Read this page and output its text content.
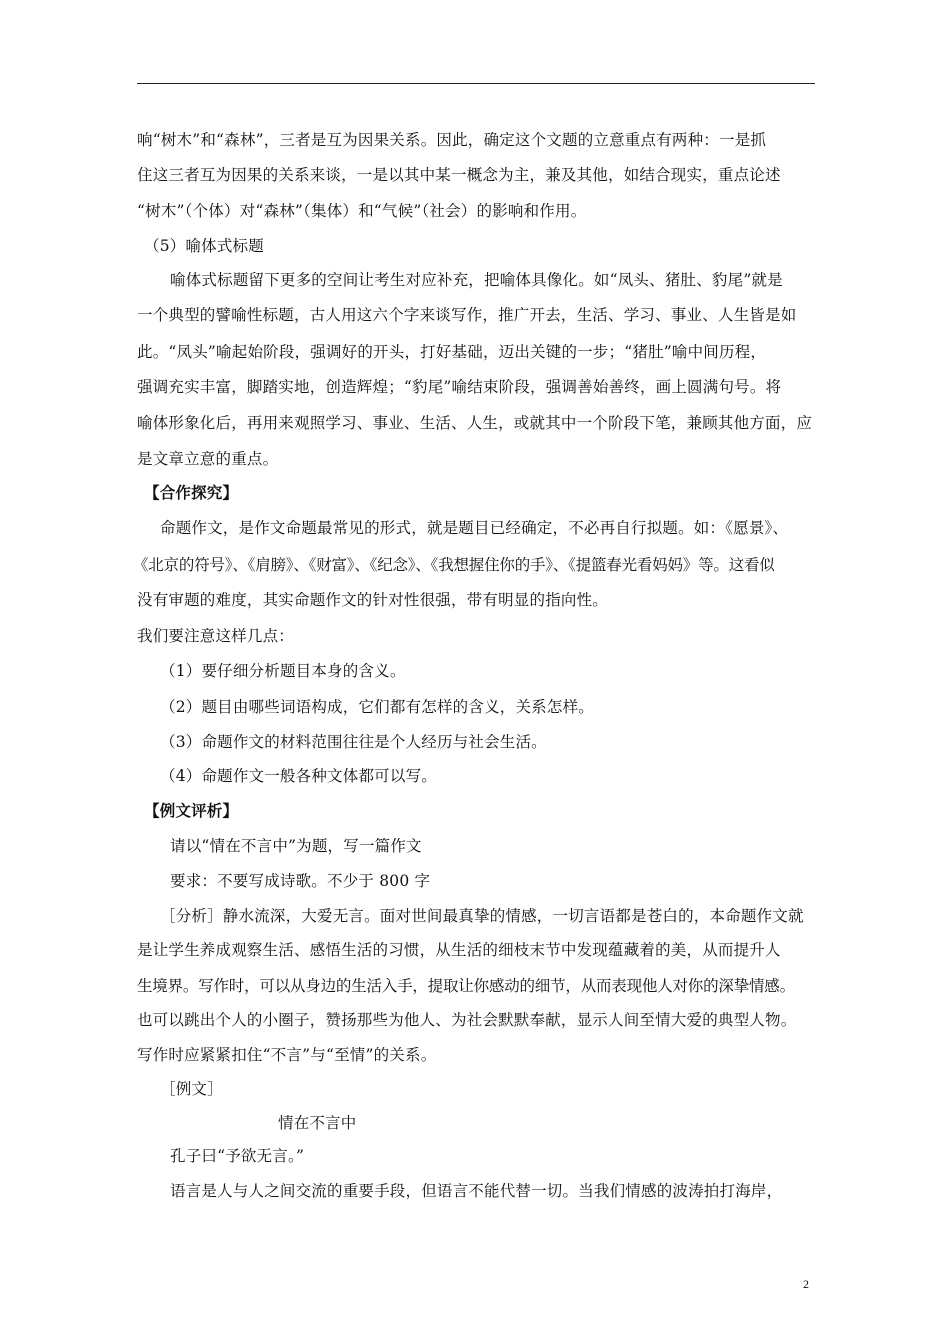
响“树木”和“森林”，三者是互为因果关系。因此，确定这个文题的立意重点有两种：一是抓
住这三者互为因果的关系来谈，一是以其中某一概念为主，兼及其他，如结合现实，重点论述
“树木”（个体）对“森林”（集体）和“气候”（社会）的影响和作用。
（5）喻体式标题
喻体式标题留下更多的空间让考生对应补充，把喻体具像化。如“凤头、猪肚、豹尾”就是
一个典型的譬喻性标题，古人用这六个字来谈写作，推广开去，生活、学习、事业、人生皆是如
此。“凤头”喻起始阶段，强调好的开头，打好基础，迈出关键的一步；“猪肚”喻中间历程，
强调充实丰富，脚踏实地，创造辉煌；“豹尾”喻结束阶段，强调善始善终，画上圆满句号。将
喻体形象化后，再用来观照学习、事业、生活、人生，或就其中一个阶段下笔，兼顾其他方面，应
是文章立意的重点。
【合作探究】
命题作文，是作文命题最常见的形式，就是题目已经确定，不必再自行拟题。如：《愿景》、
《北京的符号》、《肩膀》、《财富》、《纪念》、《我想握住你的手》、《提篮春光看妈妈》等。这看似
没有审题的难度，其实命题作文的针对性很强，带有明显的指向性。
我们要注意这样几点：
（1）要仔细分析题目本身的含义。
（2）题目由哪些词语构成，它们都有怎样的含义，关系怎样。
（3）命题作文的材料范围往往是个人经历与社会生活。
（4）命题作文一般各种文体都可以写。
【例文评析】
请以“情在不言中”为题，写一篇作文
要求：不要写成诗歌。不少于 800 字
［分析］静水流深，大爱无言。面对世间最真挚的情感，一切言语都是苍白的，本命题作文就
是让学生养成观察生活、感悟生活的习惯，从生活的细枝末节中发现蕴藏着的美，从而提升人
生境界。写作时，可以从身边的生活入手，提取让你感动的细节，从而表现他人对你的深挚情感。
也可以跳出个人的小圈子，赞扬那些为他人、为社会默默奉献，显示人间至情大爱的典型人物。
写作时应紧紧扣住“不言”与“至情”的关系。
［例文］
情在不言中
孔子曰“予欲无言。”
语言是人与人之间交流的重要手段，但语言不能代替一切。当我们情感的波涛拍打海岸，
2
